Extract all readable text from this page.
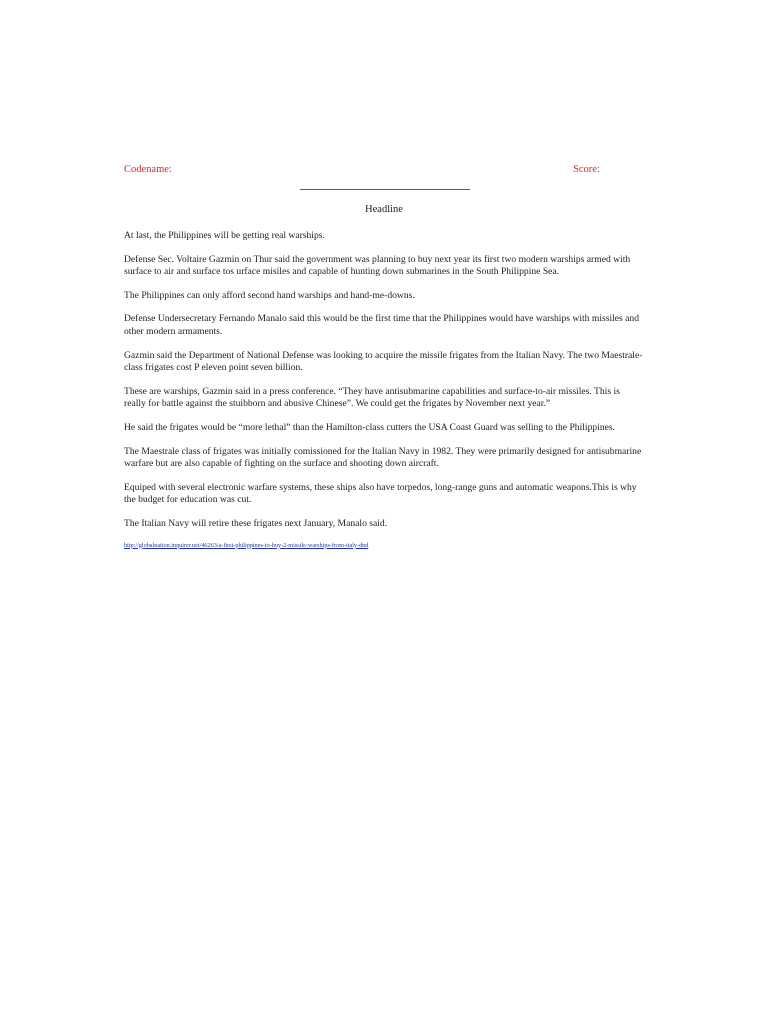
Codename:	Score:
Headline

At last, the Philippines will be getting real warships.

Defense Sec. Voltaire Gazmin on Thur said the government was planning to buy next year its first two modern warships armed with surface to air and surface tos urface misiles and capable of hunting down submarines in the South Philippine Sea.

The Philippines can only afford second hand warships and hand-me-downs.

Defense Undersecretary Fernando Manalo said this would be the first time that the Philippines would have warships with missiles and other modern armaments.

Gazmin said the Department of National Defense was looking to acquire the missile frigates from the Italian Navy. The two Maestrale-class frigates cost P eleven point seven billion.

These are warships, Gazmin said in a press conference. “They have antisubmarine capabilities and surface-to-air missiles. This is really for battle against the stuibborn and abusive Chinese”. We could get the frigates by November next year.”

He said the frigates would be “more lethal” than the Hamilton-class cutters the USA Coast Guard was selling to the Philippines.

The Maestrale class of frigates was initially comissioned for the Italian Navy in 1982. They were primarily designed for antisubmarine warfare but are also capable of fighting on the surface and shooting down aircraft.

Equiped with several electronic warfare systems, these ships also have torpedos, long-range guns and automatic weapons.This is why the budget for education was cut.

The Italian Navy will retire these frigates next January, Manalo said.

http://globalnation.inquirer.net/46263/a-first-philippines-to-buy-2-missile-warships-from-italy-dnd
